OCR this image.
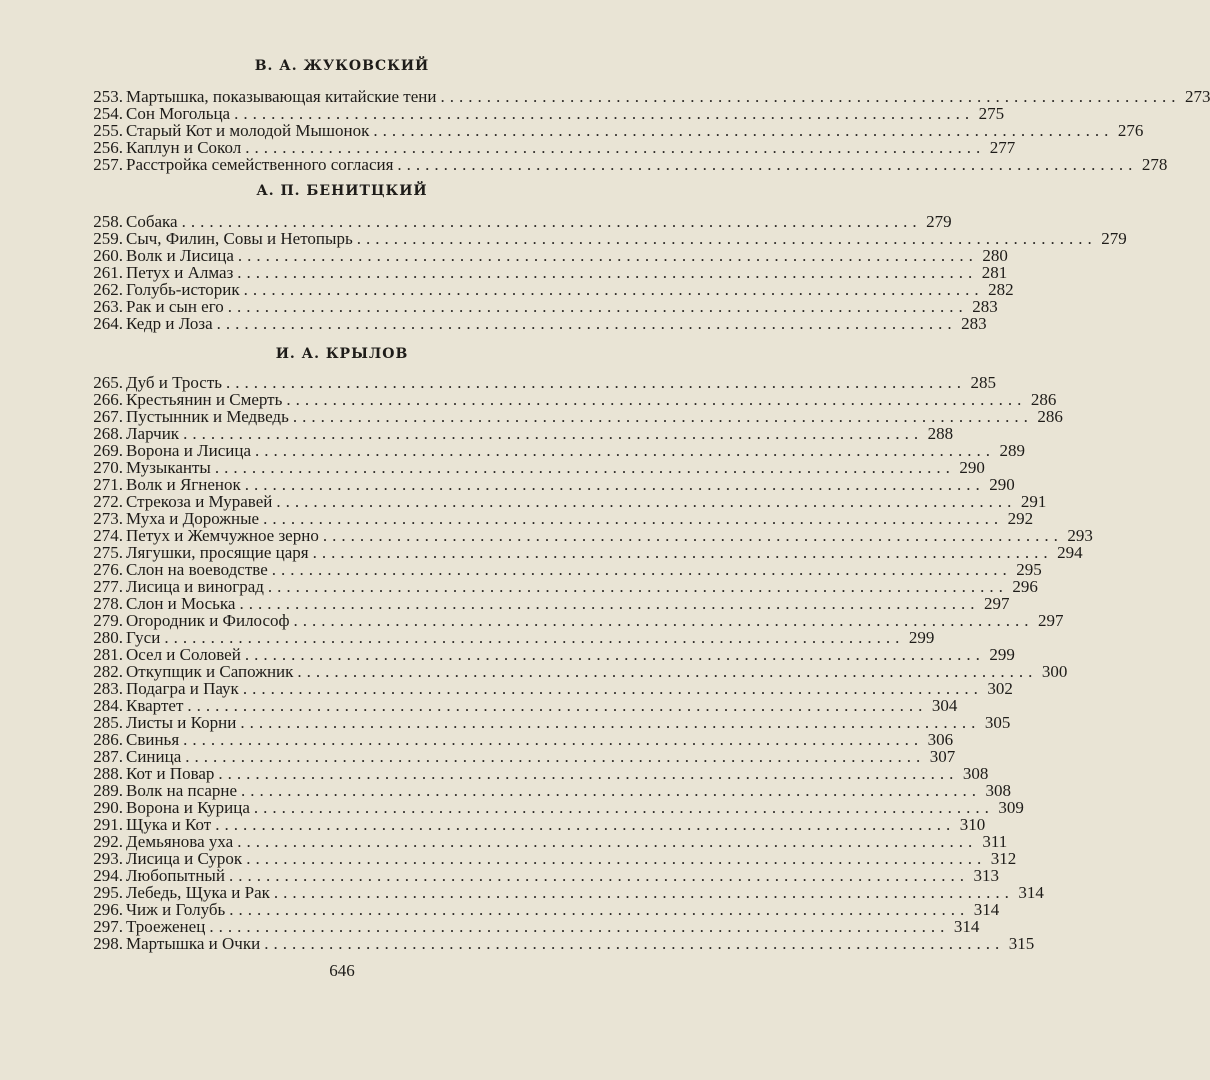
В. А. ЖУКОВСКИЙ
253. Мартышка, показывающая китайские тени ................................................................................ 273
254. Сон Могольца ................................................................................ 275
255. Старый Кот и молодой Мышонок ................................................................................ 276
256. Каплун и Сокол ................................................................................ 277
257. Расстройка семейственного согласия ................................................................................ 278
А. П. БЕНИТЦКИЙ
258. Собака ................................................................................ 279
259. Сыч, Филин, Совы и Нетопырь ................................................................................ 279
260. Волк и Лисица ................................................................................ 280
261. Петух и Алмаз ................................................................................ 281
262. Голубь-историк ................................................................................ 282
263. Рак и сын его ................................................................................ 283
264. Кедр и Лоза ................................................................................ 283
И. А. КРЫЛОВ
265. Дуб и Трость ................................................................................ 285
266. Крестьянин и Смерть ................................................................................ 286
267. Пустынник и Медведь ................................................................................ 286
268. Ларчик ................................................................................ 288
269. Ворона и Лисица ................................................................................ 289
270. Музыканты ................................................................................ 290
271. Волк и Ягненок ................................................................................ 290
272. Стрекоза и Муравей ................................................................................ 291
273. Муха и Дорожные ................................................................................ 292
274. Петух и Жемчужное зерно ................................................................................ 293
275. Лягушки, просящие царя ................................................................................ 294
276. Слон на воеводстве ................................................................................ 295
277. Лисица и виноград ................................................................................ 296
278. Слон и Моська ................................................................................ 297
279. Огородник и Философ ................................................................................ 297
280. Гуси ................................................................................ 299
281. Осел и Соловей ................................................................................ 299
282. Откупщик и Сапожник ................................................................................ 300
283. Подагра и Паук ................................................................................ 302
284. Квартет ................................................................................ 304
285. Листы и Корни ................................................................................ 305
286. Свинья ................................................................................ 306
287. Синица ................................................................................ 307
288. Кот и Повар ................................................................................ 308
289. Волк на псарне ................................................................................ 308
290. Ворона и Курица ................................................................................ 309
291. Щука и Кот ................................................................................ 310
292. Демьянова уха ................................................................................ 311
293. Лисица и Сурок ................................................................................ 312
294. Любопытный ................................................................................ 313
295. Лебедь, Щука и Рак ................................................................................ 314
296. Чиж и Голубь ................................................................................ 314
297. Троеженец ................................................................................ 314
298. Мартышка и Очки ................................................................................ 315
646
